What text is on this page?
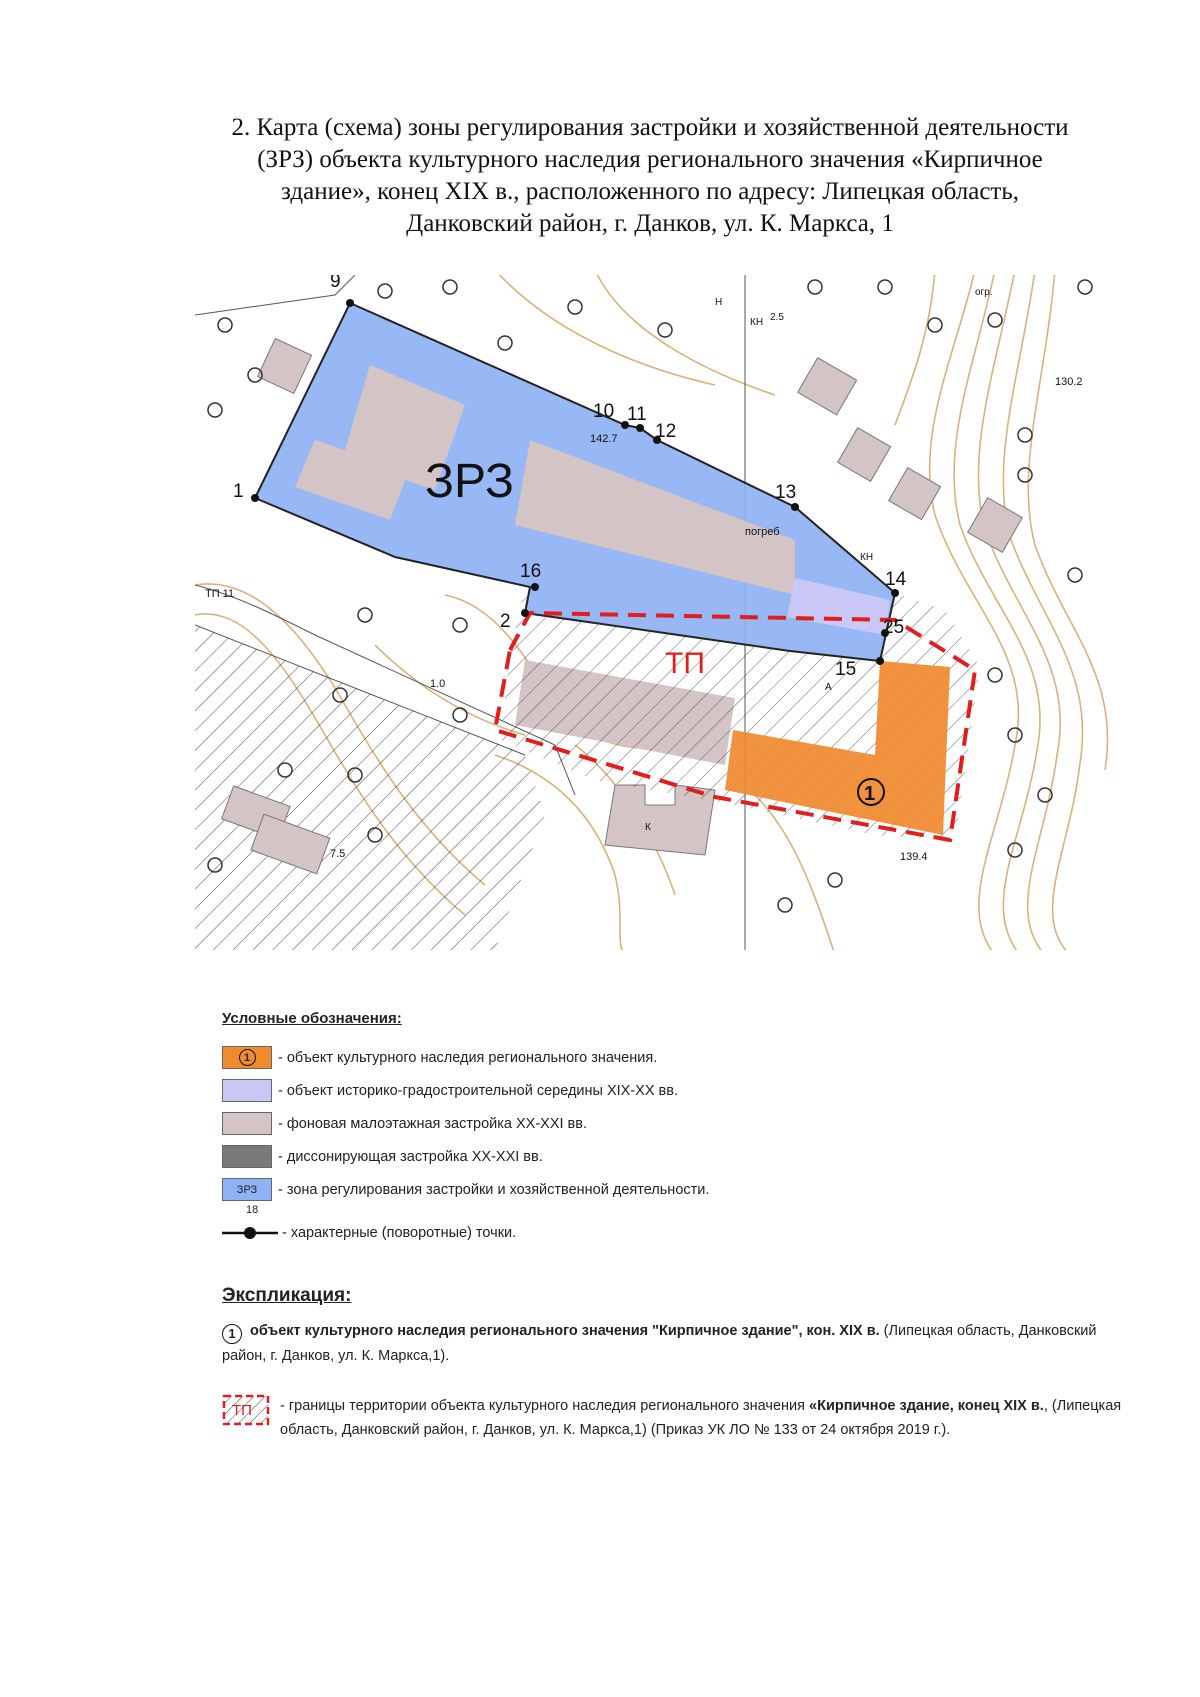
2. Карта (схема) зоны регулирования застройки и хозяйственной деятельности
(ЗРЗ) объекта культурного наследия регионального значения «Кирпичное
здание», конец XIX в., расположенного по адресу: Липецкая область,
Данковский район, г. Данков, ул. К. Маркса, 1
ЗРЗ
ТП
1
9
1
10 11
12
13
14
16
2	25
15
ТП 11
1.0
7.5	139.4
130.2
142.7
погреб
КН
КН
Н
2.5
огр.
А
К
Условные обозначения:
1	- объект культурного наследия регионального значения.
- объект историко-градостроительной середины XIX-XX вв.
- фоновая малоэтажная застройка XX-XXI вв.
- диссонирующая застройка XX-XXI вв.
ЗРЗ	- зона регулирования застройки и хозяйственной деятельности.
18
- характерные (поворотные) точки.
Экспликация:
1 объект культурного наследия регионального значения "Кирпичное здание", кон. XIX в. (Липецкая область, Данковский район, г. Данков, ул. К. Маркса,1).
ТП - границы территории объекта культурного наследия регионального значения «Кирпичное здание, конец XIX в., (Липецкая область, Данковский район, г. Данков, ул. К. Маркса,1) (Приказ УК ЛО № 133 от 24 октября 2019 г.).
